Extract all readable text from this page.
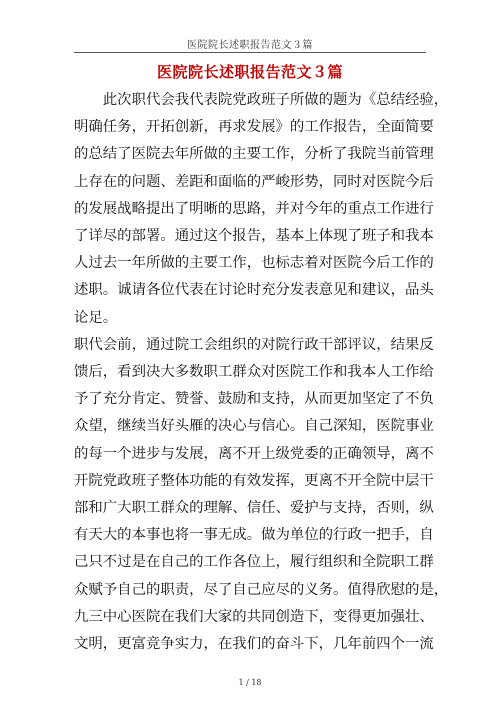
医院院长述职报告范文３篇
医院院长述职报告范文３篇

　　此次职代会我代表院党政班子所做的题为《总结经验，
明确任务，开拓创新，再求发展》的工作报告，全面简要
的总结了医院去年所做的主要工作，分析了我院当前管理
上存在的问题、差距和面临的严峻形势，同时对医院今后
的发展战略提出了明晰的思路，并对今年的重点工作进行
了详尽的部署。通过这个报告，基本上体现了班子和我本
人过去一年所做的主要工作，也标志着对医院今后工作的
述职。诚请各位代表在讨论时充分发表意见和建议，品头
论足。

职代会前，通过院工会组织的对院行政干部评议，结果反
馈后，看到决大多数职工群众对医院工作和我本人工作给
予了充分肯定、赞誉、鼓励和支持，从而更加坚定了不负
众望，继续当好头雁的决心与信心。自己深知，医院事业
的每一个进步与发展，离不开上级党委的正确领导，离不
开院党政班子整体功能的有效发挥，更离不开全院中层干
部和广大职工群众的理解、信任、爱护与支持，否则，纵
有天大的本事也将一事无成。做为单位的行政一把手，自
己只不过是在自己的工作各位上，履行组织和全院职工群
众赋予自己的职责，尽了自己应尽的义务。值得欣慰的是，
九三中心医院在我们大家的共同创造下，变得更加强壮、
文明，更富竞争实力，在我们的奋斗下，几年前四个一流

1 / 18
